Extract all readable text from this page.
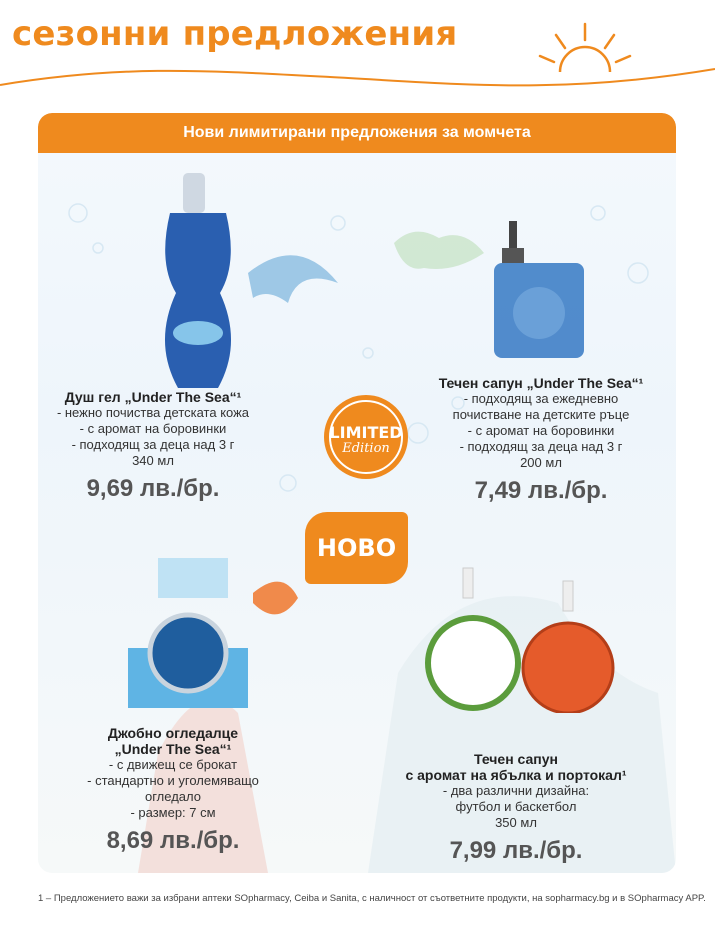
сезонни предложения
Нови лимитирани предложения за момчета
Душ гел „Under The Sea“¹
- нежно почиства детската кожа
- с аромат на боровинки
- подходящ за деца над 3 г
340 мл
9,69 лв./бр.
Течен сапун „Under The Sea“¹
- подходящ за ежедневно
почистване на детските ръце
- с аромат на боровинки
- подходящ за деца над 3 г
200 мл
7,49 лв./бр.
Джобно огледалце
„Under The Sea“¹
- с движещ се брокат
- стандартно и уголемяващо
огледало
- размер: 7 см
8,69 лв./бр.
Течен сапун
с аромат на ябълка и портокал¹
- два различни дизайна:
футбол и баскетбол
350 мл
7,99 лв./бр.
LIMITED
Edition
НОВО
1 – Предложението важи за избрани аптеки SOpharmacy, Ceiba и Sanita, с наличност от съответните продукти, на sopharmacy.bg и в SOpharmacy APP.
